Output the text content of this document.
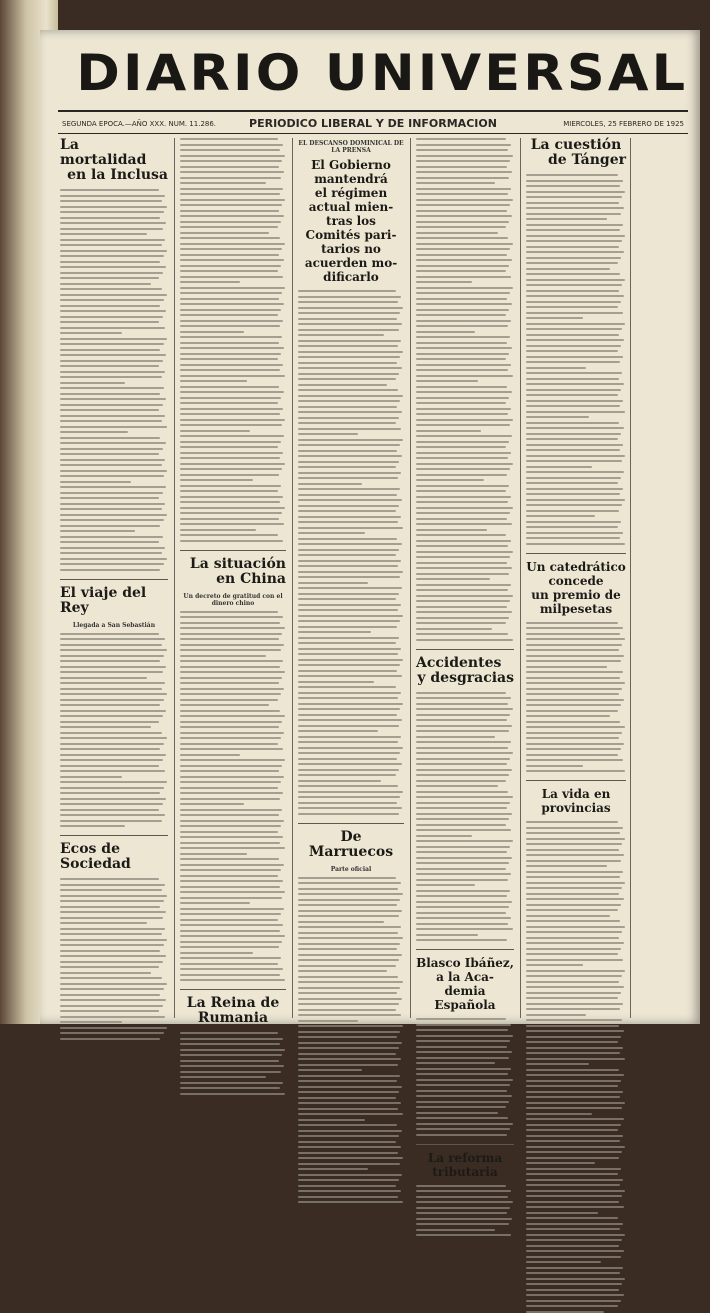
DIARIO UNIVERSAL
SEGUNDA EPOCA.—AÑO XXX. NUM. 11.286.	PERIODICO LIBERAL Y DE INFORMACION	MIERCOLES, 25 FEBRERO DE 1925
La mortalidad
en la Inclusa
El viaje del Rey
Llegada a San Sebastián
Ecos de Sociedad
La situación
en China
Un decreto de gratitud con el dinero chino
La Reina de Rumania
EL DESCANSO DOMINICAL DE LA PRENSA
El Gobierno mantendrá
el régimen actual mien-
tras los Comités pari-
tarios no acuerden mo-
dificarlo
De Marruecos
Parte oficial
Accidentes
y desgracias
Blasco Ibáñez, a la Aca-
demia Española
La reforma tributaria
La cuestión
de Tánger
Un catedrático concede
un premio de milpesetas
La vida en provincias
